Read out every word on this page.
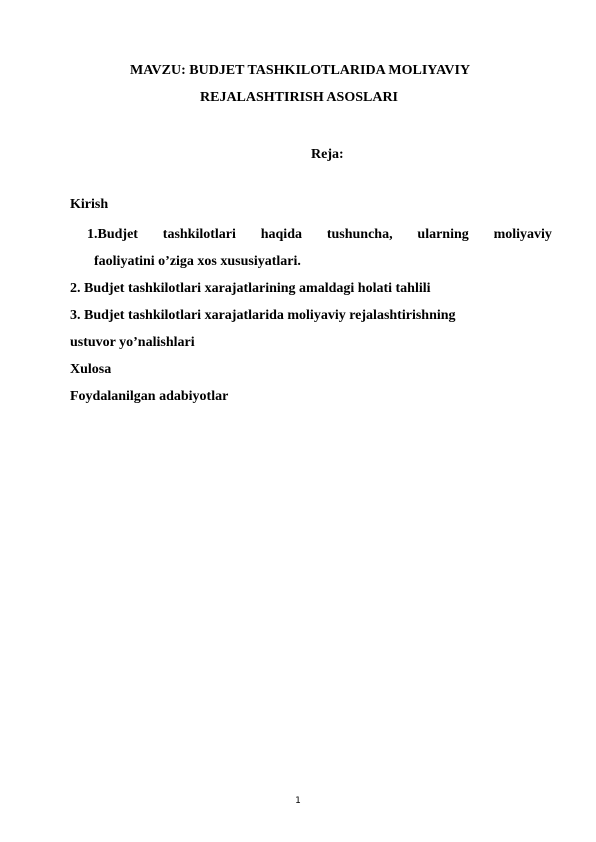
MAVZU: BUDJET TASHKILOTLARIDA MOLIYAVIY
REJALASHTIRISH ASOSLARI
Reja:
Kirish
1.Budjet tashkilotlari haqida tushuncha, ularning moliyaviy
faoliyatini o’ziga xos xususiyatlari.
2. Budjet tashkilotlari xarajatlarining amaldagi holati tahlili
3. Budjet tashkilotlari xarajatlarida moliyaviy rejalashtirishning
ustuvor yo’nalishlari
Xulosa
Foydalanilgan adabiyotlar
1
